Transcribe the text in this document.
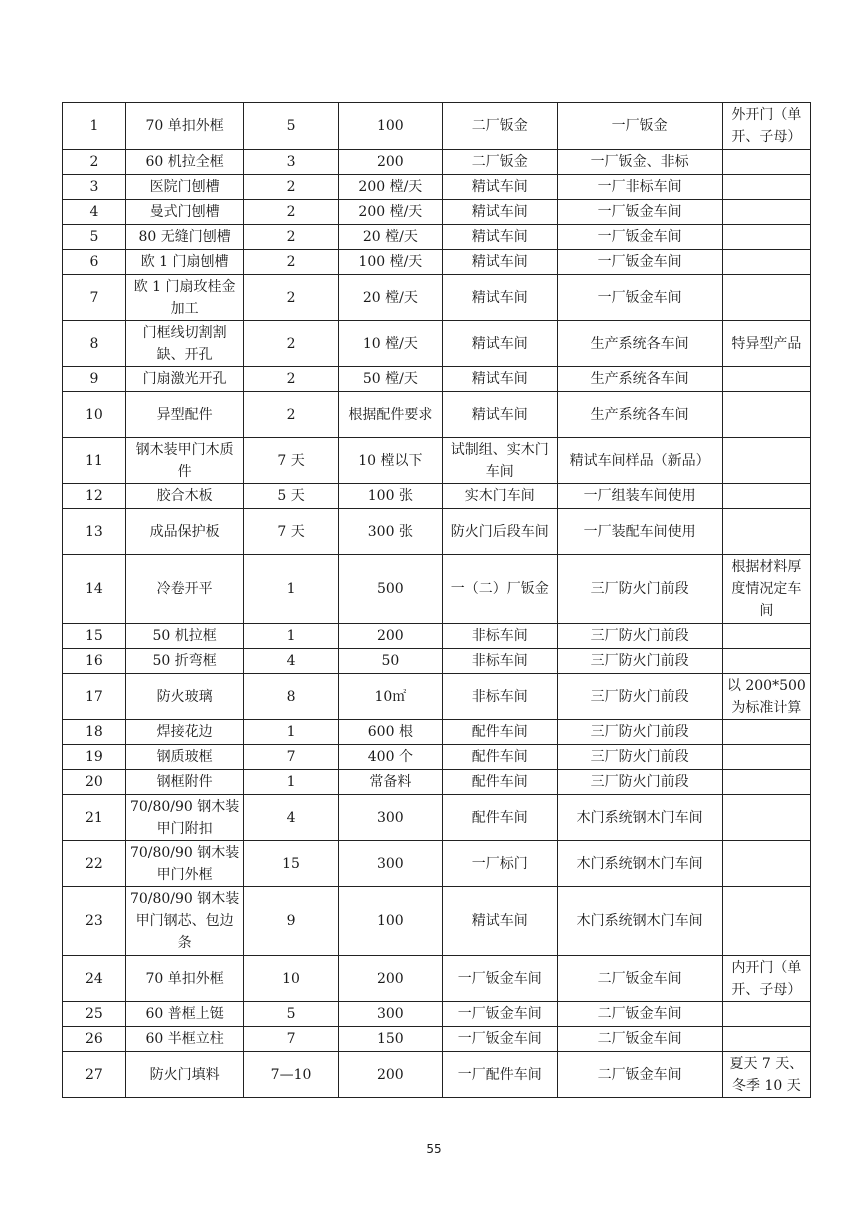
1	70 单扣外框	5	100	二厂钣金	一厂钣金	外开门（单开、子母）
2	60 机拉全框	3	200	二厂钣金	一厂钣金、非标	
3	医院门刨槽	2	200 樘/天	精试车间	一厂非标车间	
4	曼式门刨槽	2	200 樘/天	精试车间	一厂钣金车间	
5	80 无缝门刨槽	2	20 樘/天	精试车间	一厂钣金车间	
6	欧 1 门扇刨槽	2	100 樘/天	精试车间	一厂钣金车间	
7	欧 1 门扇玫桂金加工	2	20 樘/天	精试车间	一厂钣金车间	
8	门框线切割割缺、开孔	2	10 樘/天	精试车间	生产系统各车间	特异型产品
9	门扇激光开孔	2	50 樘/天	精试车间	生产系统各车间	
10	异型配件	2	根据配件要求	精试车间	生产系统各车间	
11	钢木装甲门木质件	7 天	10 樘以下	试制组、实木门车间	精试车间样品（新品）	
12	胶合木板	5 天	100 张	实木门车间	一厂组装车间使用	
13	成品保护板	7 天	300 张	防火门后段车间	一厂装配车间使用	
14	冷卷开平	1	500	一（二）厂钣金	三厂防火门前段	根据材料厚度情况定车间
15	50 机拉框	1	200	非标车间	三厂防火门前段	
16	50 折弯框	4	50	非标车间	三厂防火门前段	
17	防火玻璃	8	10㎡	非标车间	三厂防火门前段	以 200*500 为标准计算
18	焊接花边	1	600 根	配件车间	三厂防火门前段	
19	钢质玻框	7	400 个	配件车间	三厂防火门前段	
20	钢框附件	1	常备料	配件车间	三厂防火门前段	
21	70/80/90 钢木装甲门附扣	4	300	配件车间	木门系统钢木门车间	
22	70/80/90 钢木装甲门外框	15	300	一厂标门	木门系统钢木门车间	
23	70/80/90 钢木装甲门钢芯、包边条	9	100	精试车间	木门系统钢木门车间	
24	70 单扣外框	10	200	一厂钣金车间	二厂钣金车间	内开门（单开、子母）
25	60 普框上铤	5	300	一厂钣金车间	二厂钣金车间	
26	60 半框立柱	7	150	一厂钣金车间	二厂钣金车间	
27	防火门填料	7—10	200	一厂配件车间	二厂钣金车间	夏天 7 天、冬季 10 天
55
